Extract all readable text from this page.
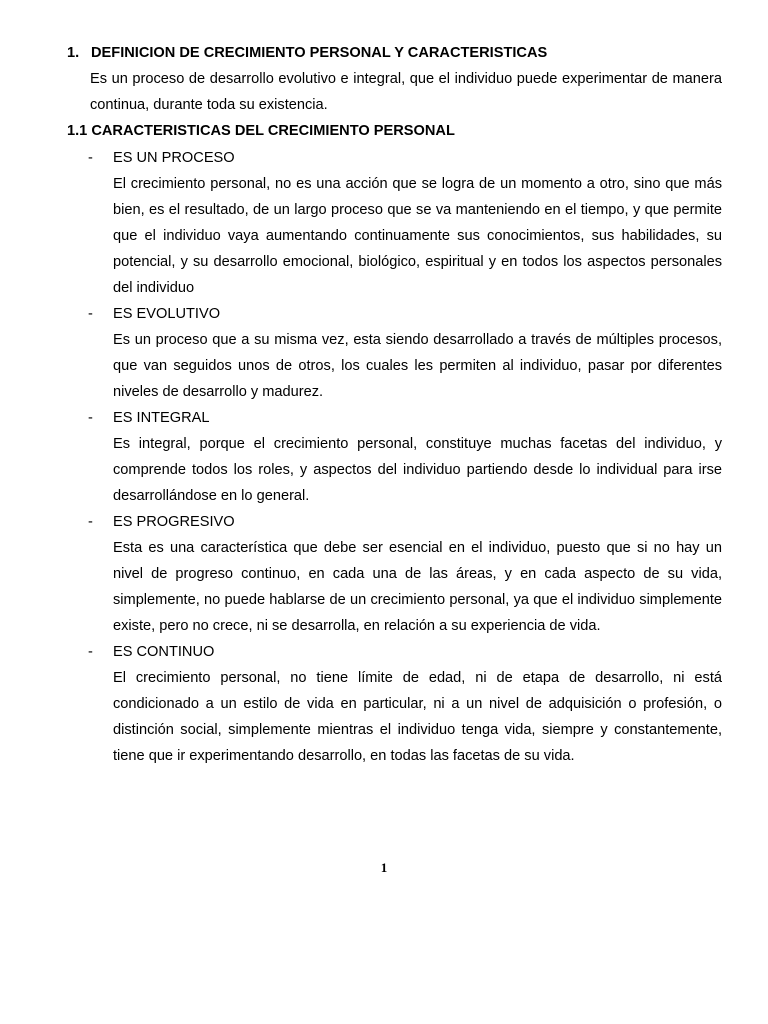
1. DEFINICION DE CRECIMIENTO PERSONAL Y CARACTERISTICAS

Es un proceso de desarrollo evolutivo e integral, que el individuo puede experimentar de manera continua, durante toda su existencia.

1.1 CARACTERISTICAS DEL CRECIMIENTO PERSONAL
- ES UN PROCESO

El crecimiento personal, no es una acción que se logra de un momento a otro, sino que más bien, es el resultado, de un largo proceso que se va manteniendo en el tiempo, y que permite que el individuo vaya aumentando continuamente sus conocimientos, sus habilidades, su potencial, y su desarrollo emocional, biológico, espiritual y en todos los aspectos personales del individuo

- ES EVOLUTIVO

Es un proceso que a su misma vez, esta siendo desarrollado a través de múltiples procesos, que van seguidos unos de otros, los cuales les permiten al individuo, pasar por diferentes niveles de desarrollo y madurez.

- ES INTEGRAL

Es integral, porque el crecimiento personal, constituye muchas facetas del individuo, y comprende todos los roles, y aspectos del individuo partiendo desde lo individual para irse desarrollándose en lo general.

- ES PROGRESIVO

Esta es una característica que debe ser esencial en el individuo, puesto que si no hay un nivel de progreso continuo, en cada una de las áreas, y en cada aspecto de su vida, simplemente, no puede hablarse de un crecimiento personal, ya que el individuo simplemente existe, pero no crece, ni se desarrolla, en relación a su experiencia de vida.

- ES CONTINUO

El crecimiento personal, no tiene límite de edad, ni de etapa de desarrollo, ni está condicionado a un estilo de vida en particular, ni a un nivel de adquisición o profesión, o distinción social, simplemente mientras el individuo tenga vida, siempre y constantemente, tiene que ir experimentando desarrollo, en todas las facetas de su vida.

1
